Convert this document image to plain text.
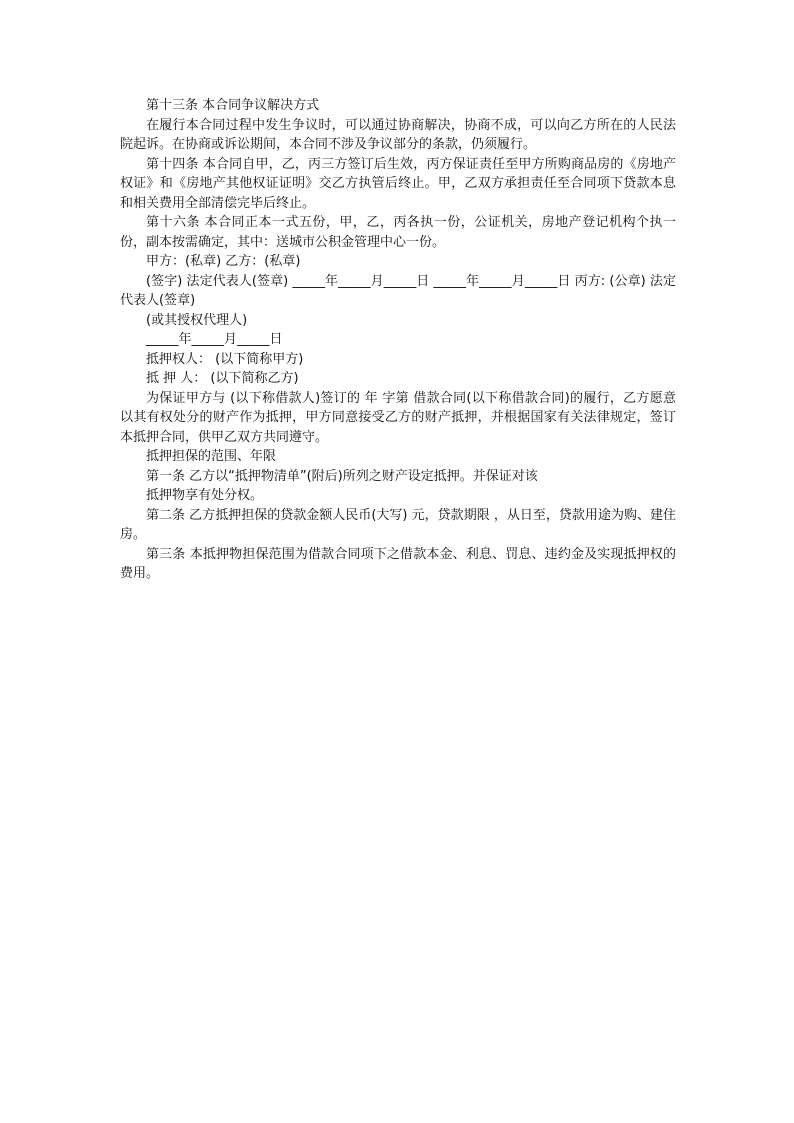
第十三条 本合同争议解决方式

在履行本合同过程中发生争议时，可以通过协商解决，协商不成，可以向乙方所在的人民法院起诉。在协商或诉讼期间，本合同不涉及争议部分的条款，仍须履行。

第十四条 本合同自甲，乙，丙三方签订后生效，丙方保证责任至甲方所购商品房的《房地产权证》和《房地产其他权证证明》交乙方执管后终止。甲，乙双方承担责任至合同项下贷款本息和相关费用全部清偿完毕后终止。

第十六条 本合同正本一式五份，甲，乙，丙各执一份，公证机关，房地产登记机构个执一份，副本按需确定，其中：送城市公积金管理中心一份。

甲方：(私章) 乙方：(私章)

(签字) 法定代表人(签章) _____年_____月_____日 _____年_____月_____日 丙方: (公章) 法定代表人(签章)

(或其授权代理人)

_____年_____月_____日

抵押权人： (以下简称甲方)

抵 押 人： (以下简称乙方)

为保证甲方与 (以下称借款人)签订的 年 字第 借款合同(以下称借款合同)的履行，乙方愿意以其有权处分的财产作为抵押，甲方同意接受乙方的财产抵押，并根据国家有关法律规定，签订本抵押合同，供甲乙双方共同遵守。

抵押担保的范围、年限

第一条 乙方以“抵押物清单”(附后)所列之财产设定抵押。并保证对该

抵押物享有处分权。

第二条 乙方抵押担保的贷款金额人民币(大写) 元，贷款期限 ，从日至，贷款用途为购、建住房。

第三条 本抵押物担保范围为借款合同项下之借款本金、利息、罚息、违约金及实现抵押权的费用。
